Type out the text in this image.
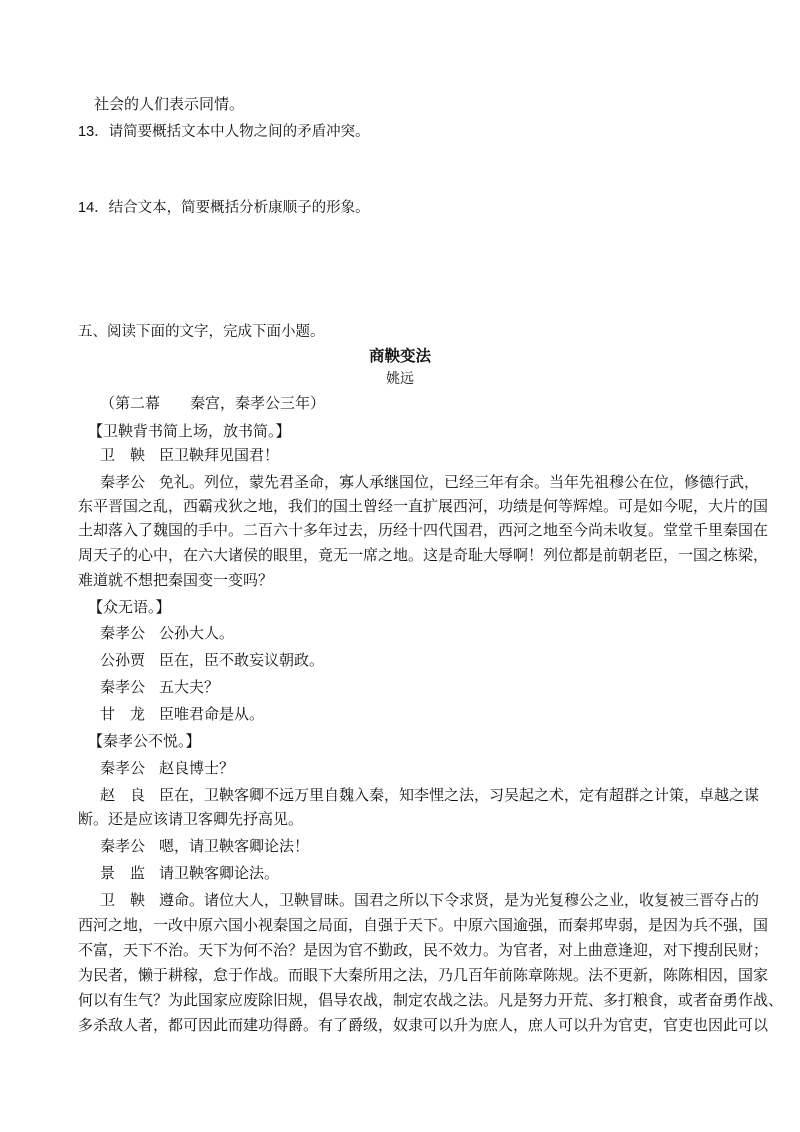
社会的人们表示同情。
13．请简要概括文本中人物之间的矛盾冲突。
14．结合文本，简要概括分析康顺子的形象。
五、阅读下面的文字，完成下面小题。
商鞅变法
姚远
（第二幕　　秦宫，秦孝公三年）
【卫鞅背书简上场，放书简。】
卫　鞅 臣卫鞅拜见国君！
秦孝公 免礼。列位，蒙先君圣命，寡人承继国位，已经三年有余。当年先祖穆公在位，修德行武，
东平晋国之乱，西霸戎狄之地，我们的国土曾经一直扩展西河，功绩是何等辉煌。可是如今呢，大片的国
土却落入了魏国的手中。二百六十多年过去，历经十四代国君，西河之地至今尚未收复。堂堂千里秦国在
周天子的心中，在六大诸侯的眼里，竟无一席之地。这是奇耻大辱啊！列位都是前朝老臣，一国之栋梁，
难道就不想把秦国变一变吗？
【众无语。】
秦孝公 公孙大人。
公孙贾 臣在，臣不敢妄议朝政。
秦孝公 五大夫？
甘　龙 臣唯君命是从。
【秦孝公不悦。】
秦孝公 赵良博士？
赵　良 臣在，卫鞅客卿不远万里自魏入秦，知李悝之法，习吴起之术，定有超群之计策，卓越之谋
断。还是应该请卫客卿先抒高见。
秦孝公 嗯，请卫鞅客卿论法！
景　监 请卫鞅客卿论法。
卫　鞅 遵命。诸位大人，卫鞅冒昧。国君之所以下令求贤，是为光复穆公之业，收复被三晋夺占的
西河之地，一改中原六国小视秦国之局面，自强于天下。中原六国逾强，而秦邦卑弱，是因为兵不强，国
不富，天下不治。天下为何不治？是因为官不勤政，民不效力。为官者，对上曲意逢迎，对下搜刮民财；
为民者，懒于耕稼，怠于作战。而眼下大秦所用之法，乃几百年前陈章陈规。法不更新，陈陈相因，国家
何以有生气？为此国家应废除旧规，倡导农战，制定农战之法。凡是努力开荒、多打粮食，或者奋勇作战、
多杀敌人者，都可因此而建功得爵。有了爵级，奴隶可以升为庶人，庶人可以升为官吏，官吏也因此可以
